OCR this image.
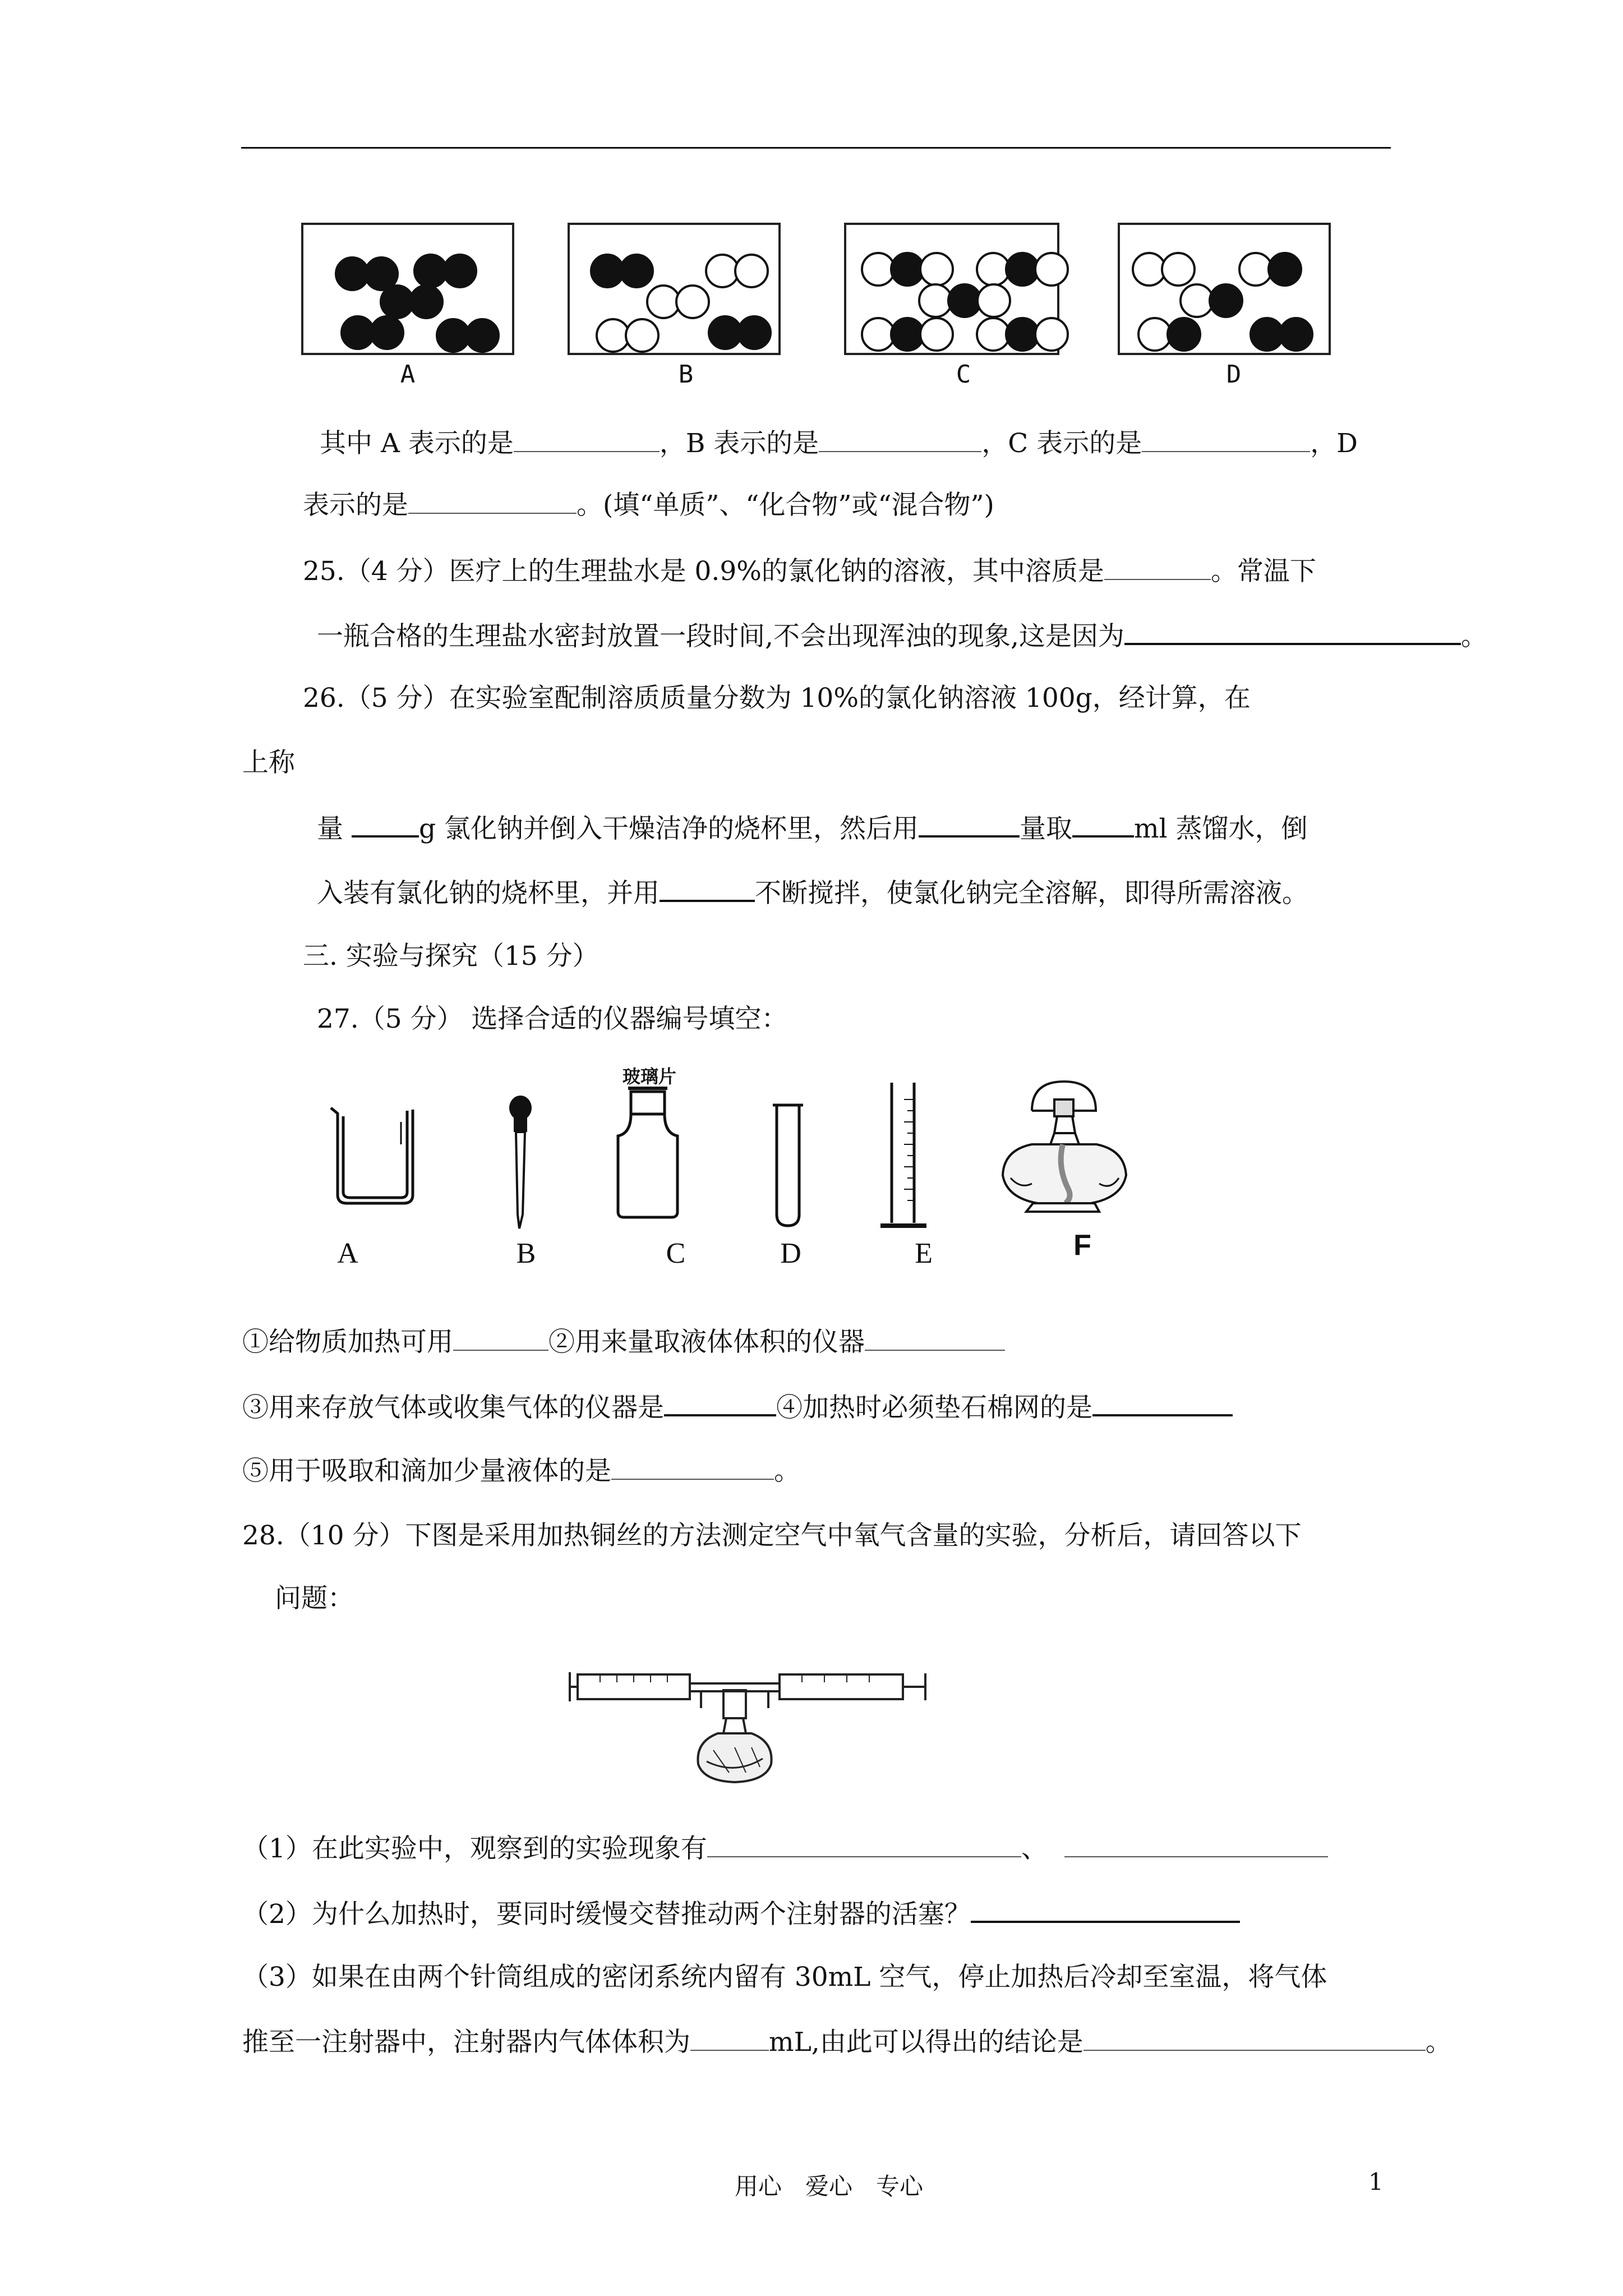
A	B	C	D
其中 A 表示的是	，B 表示的是	，C 表示的是	，D
表示的是	。(填“单质”、“化合物”或“混合物”)
25.（4 分）医疗上的生理盐水是 0.9%的氯化钠的溶液，其中溶质是	。常温下
一瓶合格的生理盐水密封放置一段时间,不会出现浑浊的现象,这是因为	。
26.（5 分）在实验室配制溶质质量分数为 10%的氯化钠溶液 100g，经计算，在
上称
量	g 氯化钠并倒入干燥洁净的烧杯里，然后用	量取 ml 蒸馏水，倒
入装有氯化钠的烧杯里，并用	不断搅拌，使氯化钠完全溶解，即得所需溶液。
三. 实验与探究（15 分）
27.（5 分） 选择合适的仪器编号填空：
玻璃片
A	B	C	D	E	F
①给物质加热可用	②用来量取液体体积的仪器
③用来存放气体或收集气体的仪器是	④加热时必须垫石棉网的是
⑤用于吸取和滴加少量液体的是	。
28.（10 分）下图是采用加热铜丝的方法测定空气中氧气含量的实验，分析后，请回答以下
问题：
（1）在此实验中，观察到的实验现象有	、
（2）为什么加热时，要同时缓慢交替推动两个注射器的活塞？
（3）如果在由两个针筒组成的密闭系统内留有 30mL 空气，停止加热后冷却至室温，将气体
推至一注射器中，注射器内气体体积为	mL,由此可以得出的结论是	。
用心　爱心　专心	1
